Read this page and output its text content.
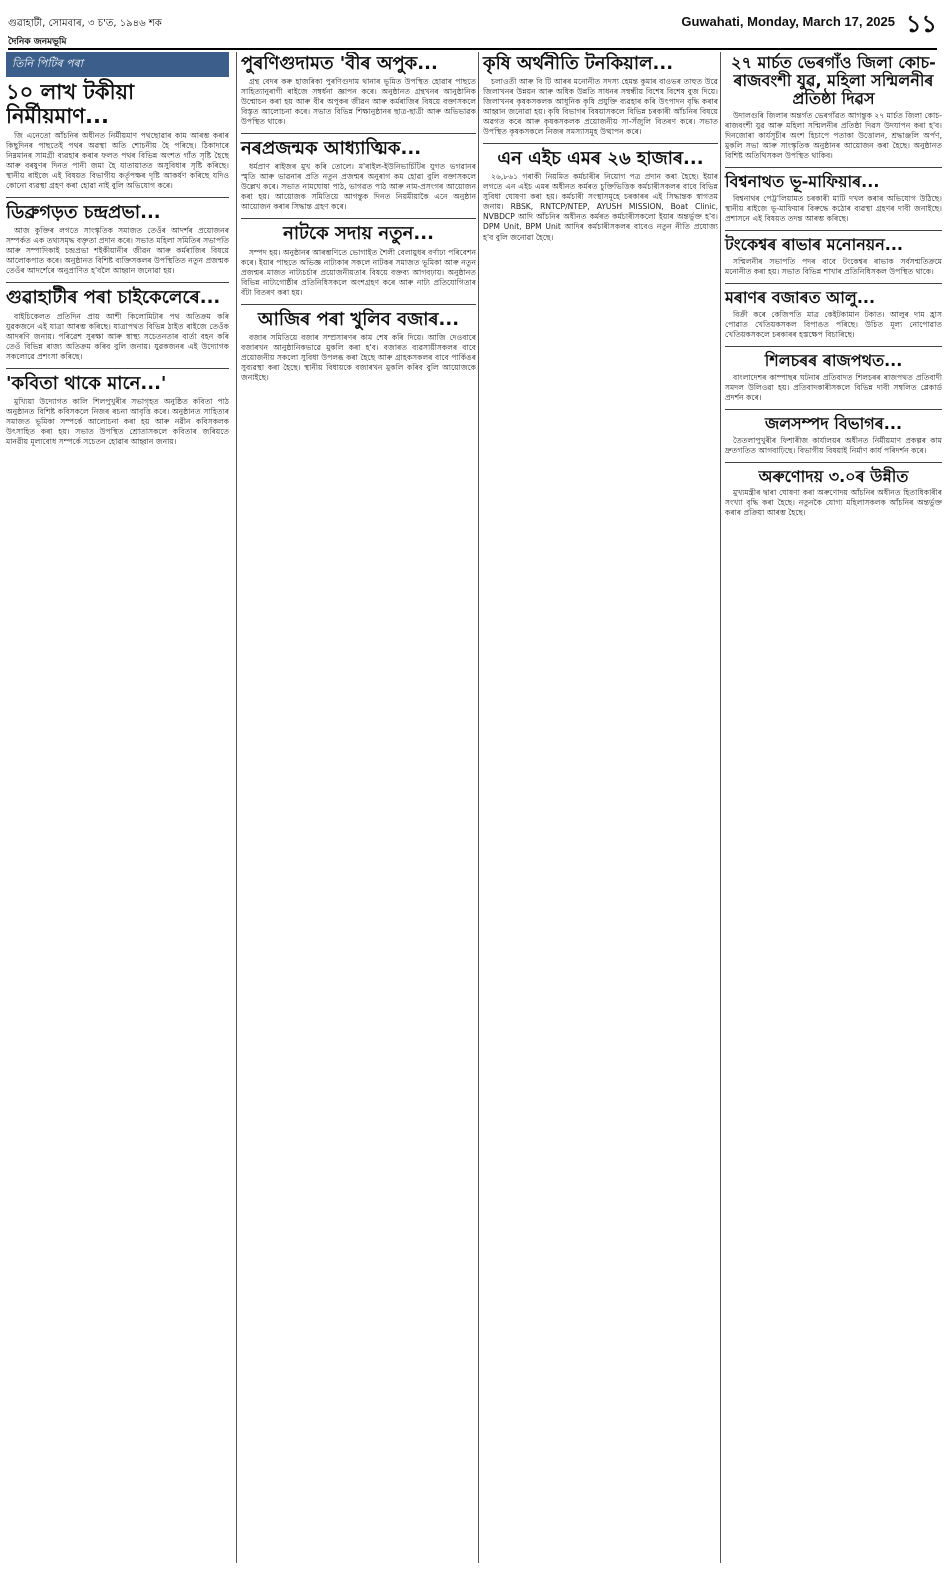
গুৱাহাটী, সোমবাৰ, ৩ চ'ত, ১৯৪৬ শক
দৈনিক জনমভূমি
Guwahati, Monday, March 17, 2025 ১১
তিনি পিটিৰ পৰা
১০ লাখ টকীয়া নিৰ্মীয়মাণ...

জি এনেতো আঁচনিৰ অধীনত নিৰ্মীয়মাণ পথছোৱাৰ কাম আৰম্ভ কৰাৰ কিছুদিনৰ পাছতেই পথৰ অৱস্থা অতি শোচনীয় হৈ পৰিছে। ঠিকাদাৰে নিম্নমানৰ সামগ্ৰী ব্যৱহাৰ কৰাৰ ফলত পথৰ বিভিন্ন অংশত গাঁত সৃষ্টি হৈছে আৰু বৰষুণৰ দিনত পানী জমা হৈ যাতায়াতত অসুবিধাৰ সৃষ্টি কৰিছে। স্থানীয় ৰাইজে এই বিষয়ত বিভাগীয় কৰ্তৃপক্ষৰ দৃষ্টি আকৰ্ষণ কৰিছে যদিও কোনো ব্যৱস্থা গ্ৰহণ কৰা হোৱা নাই বুলি অভিযোগ কৰে।

ডিব্ৰুগড়ত চন্দ্ৰপ্ৰভা...

আজ কুক্তিৰ লগতে সাংস্কৃতিক সমাজত তেওঁৰ আদৰ্শৰ প্ৰয়োজনৰ সম্পৰ্কত এক তথ্যসমৃদ্ধ বক্তৃতা প্ৰদান কৰে। সভাত মহিলা সমিতিৰ সভাপতি আৰু সম্পাদিকাই চন্দ্ৰপ্ৰভা শইকীয়ানীৰ জীৱন আৰু কৰ্মৰাজিৰ বিষয়ে আলোকপাত কৰে। অনুষ্ঠানত বিশিষ্ট ব্যক্তিসকলৰ উপস্থিতিত নতুন প্ৰজন্মক তেওঁৰ আদৰ্শেৰে অনুপ্ৰাণিত হ'বলৈ আহ্বান জনোৱা হয়।

গুৱাহাটীৰ পৰা চাইকেলেৰে...

বাইচিকেলত প্ৰতিদিন প্ৰায় আশী কিলোমিটাৰ পথ অতিক্ৰম কৰি যুৱকজনে এই যাত্ৰা আৰম্ভ কৰিছে। যাত্ৰাপথত বিভিন্ন ঠাইত ৰাইজে তেওঁক আদৰণি জনায়। পৰিৱেশ সুৰক্ষা আৰু স্বাস্থ্য সচেতনতাৰ বাৰ্তা বহন কৰি তেওঁ বিভিন্ন ৰাজ্য অতিক্ৰম কৰিব বুলি জনায়। যুৱকজনৰ এই উদ্যোগক সকলোৱে প্ৰশংসা কৰিছে।

'কবিতা থাকে মানে...'

মুখ্যিয়া উদ্যোগত কালি শিলপুখুৰীৰ সভাগৃহত অনুষ্ঠিত কবিতা পাঠ অনুষ্ঠানত বিশিষ্ট কবিসকলে নিজৰ ৰচনা আবৃত্তি কৰে। অনুষ্ঠানত সাহিত্যৰ সমাজত ভূমিকা সম্পৰ্কে আলোচনা কৰা হয় আৰু নৱীন কবিসকলক উৎসাহিত কৰা হয়। সভাত উপস্থিত শ্ৰোতাসকলে কবিতাৰ জৰিয়তে মানৱীয় মূল্যবোধ সম্পৰ্কে সচেতন হোৱাৰ আহ্বান জনায়।

পুৰণিগুদামত 'বীৰ অপুক...

গ্ৰন্থ বেদৰ কৰু হাজৰিকা পুৰণিগুদাম থানাৰ ভূমিত উপস্থিত হোৱাৰ পাছতে সাহিত্যানুৰাগী ৰাইজে সম্বৰ্ধনা জ্ঞাপন কৰে। অনুষ্ঠানত গ্ৰন্থখনৰ আনুষ্ঠানিক উন্মোচন কৰা হয় আৰু বীৰ অপুকৰ জীৱন আৰু কৰ্মৰাজিৰ বিষয়ে বক্তাসকলে বিস্তৃত আলোচনা কৰে। সভাত বিভিন্ন শিক্ষানুষ্ঠানৰ ছাত্ৰ-ছাত্ৰী আৰু অভিভাৱক উপস্থিত থাকে।

নৰপ্ৰজন্মক আধ্যাত্মিক...

ধৰ্মপ্ৰাণ ৰাইজৰ মুখ কৰি তোলে। ম'ৰাইল-ইউনিভাৰ্চিটিৰ যুগত ভগৱানৰ স্মৃতি আৰু ভাৱনাৰ প্ৰতি নতুন প্ৰজন্মৰ অনুৰাগ কম হোৱা বুলি বক্তাসকলে উল্লেখ কৰে। সভাত নামঘোষা পাঠ, ভাগৱত পাঠ আৰু নাম-প্ৰসংগৰ আয়োজন কৰা হয়। আয়োজক সমিতিয়ে আগন্তুক দিনত নিয়মীয়াকৈ এনে অনুষ্ঠান আয়োজন কৰাৰ সিদ্ধান্ত গ্ৰহণ কৰে।

নাটকে সদায় নতুন...

সম্পদ হয়। অনুষ্ঠানৰ আৰম্ভণিতে ভোগাইত শৈলী বেলায়ুধৰ বৰ্ণাঢ্য পৰিবেশন কৰে। ইয়াৰ পাছতে অভিজ্ঞ নাট্যকাৰ সকলে নাটকৰ সমাজত ভূমিকা আৰু নতুন প্ৰজন্মৰ মাজত নাট্যচৰ্চাৰ প্ৰয়োজনীয়তাৰ বিষয়ে বক্তব্য আগবঢ়ায়। অনুষ্ঠানত বিভিন্ন নাট্যগোষ্ঠীৰ প্ৰতিনিধিসকলে অংশগ্ৰহণ কৰে আৰু নাট্য প্ৰতিযোগিতাৰ বঁটা বিতৰণ কৰা হয়।

আজিৰ পৰা খুলিব বজাৰ...

বজাৰ সমিতিয়ে বজাৰ সম্প্ৰসাৰণৰ কাম শেষ কৰি দিয়ে। আজি দেওবাৰে বজাৰখন আনুষ্ঠানিকভাৱে মুকলি কৰা হ'ব। বজাৰত ব্যৱসায়ীসকলৰ বাবে প্ৰয়োজনীয় সকলো সুবিধা উপলব্ধ কৰা হৈছে আৰু গ্ৰাহকসকলৰ বাবে পাৰ্কিঙৰ সুব্যৱস্থা কৰা হৈছে। স্থানীয় বিধায়কে বজাৰখন মুকলি কৰিব বুলি আয়োজকে জনাইছে।

কৃষি অৰ্থনীতি টনকিয়াল...

চলাওতী আৰু বি টি আৰৰ মনোনীত সদস্য হেমন্ত কুমাৰ বাওভৰ তাহুত উৱে জিলাখনৰ উন্নয়ন আৰু অধিক উন্নতি সাধনৰ সম্বন্ধীয় বিশেষ বিশেষ বুজ দিয়ে। জিলাখনৰ কৃষকসকলক আধুনিক কৃষি প্ৰযুক্তি ব্যৱহাৰ কৰি উৎপাদন বৃদ্ধি কৰাৰ আহ্বান জনোৱা হয়। কৃষি বিভাগৰ বিষয়াসকলে বিভিন্ন চৰকাৰী আঁচনিৰ বিষয়ে অৱগত কৰে আৰু কৃষকসকলক প্ৰয়োজনীয় সা-সঁজুলি বিতৰণ কৰে। সভাত উপস্থিত কৃষকসকলে নিজৰ সমস্যাসমূহ উত্থাপন কৰে।

এন এইচ এমৰ ২৬ হাজাৰ...

২৬,৮৬১ গৰাকী নিয়মিত কৰ্মচাৰীৰ নিয়োগ পত্ৰ প্ৰদান কৰা হৈছে। ইয়াৰ লগতে এন এইচ এমৰ অধীনত কৰ্মৰত চুক্তিভিত্তিক কৰ্মচাৰীসকলৰ বাবে বিভিন্ন সুবিধা ঘোষণা কৰা হয়। কৰ্মচাৰী সংস্থাসমূহে চৰকাৰৰ এই সিদ্ধান্তক স্বাগতম জনায়। RBSK, RNTCP/NTEP, AYUSH MISSION, Boat Clinic, NVBDCP আদি আঁচনিৰ অধীনত কৰ্মৰত কৰ্মচাৰীসকলো ইয়াৰ অন্তৰ্ভুক্ত হ'ব। DPM Unit, BPM Unit আদিৰ কৰ্মচাৰীসকলৰ বাবেও নতুন নীতি প্ৰযোজ্য হ'ব বুলি জনোৱা হৈছে।

২৭ মাৰ্চত ভেৰগাঁও জিলা কোচ-ৰাজবংশী যুৱ, মহিলা সন্মিলনীৰ প্ৰতিষ্ঠা দিৱস

উদালগুৰি জিলাৰ অন্তৰ্গত ভেৰগাঁৱত আগন্তুক ২৭ মাৰ্চত জিলা কোচ-ৰাজবংশী যুৱ আৰু মহিলা সন্মিলনীৰ প্ৰতিষ্ঠা দিৱস উদযাপন কৰা হ'ব। দিনজোৰা কাৰ্যসূচীৰ অংশ হিচাপে পতাকা উত্তোলন, শ্ৰদ্ধাঞ্জলি অৰ্পণ, মুকলি সভা আৰু সাংস্কৃতিক অনুষ্ঠানৰ আয়োজন কৰা হৈছে। অনুষ্ঠানত বিশিষ্ট অতিথিসকল উপস্থিত থাকিব।

বিশ্বনাথত ভূ-মাফিয়াৰ...

বিশ্বনাথৰ পেট্ৰ'লিয়ামত চৰকাৰী মাটি দখল কৰাৰ অভিযোগ উঠিছে। স্থানীয় ৰাইজে ভূ-মাফিয়াৰ বিৰুদ্ধে কঠোৰ ব্যৱস্থা গ্ৰহণৰ দাবী জনাইছে। প্ৰশাসনে এই বিষয়ত তদন্ত আৰম্ভ কৰিছে।

টংকেশ্বৰ ৰাভাৰ মনোনয়ন...

সন্মিলনীৰ সভাপতি পদৰ বাবে টংকেশ্বৰ ৰাভাক সৰ্বসন্মতিক্ৰমে মনোনীত কৰা হয়। সভাত বিভিন্ন শাখাৰ প্ৰতিনিধিসকল উপস্থিত থাকে।

মৰাণৰ বজাৰত আলু...

বিক্ৰী কৰে কেজিপতি মাত্ৰ কেইটকামান টকাত। আলুৰ দাম হ্ৰাস পোৱাত খেতিয়কসকল বিপাঙত পৰিছে। উচিত মূল্য নোপোৱাত খেতিয়কসকলে চৰকাৰৰ হস্তক্ষেপ বিচাৰিছে।

শিলচৰৰ ৰাজপথত...

বাংলাদেশৰ কাম্পাছৰ ঘটনাৰ প্ৰতিবাদত শিলচৰৰ ৰাজপথত প্ৰতিবাদী সমদল উলিওৱা হয়। প্ৰতিবাদকাৰীসকলে বিভিন্ন দাবী সম্বলিত প্লেকাৰ্ড প্ৰদৰ্শন কৰে।

জলসম্পদ বিভাগৰ...

তৈতলাপুখুৰীৰ ফিশাৰীজ কাৰ্যালয়ৰ অধীনত নিৰ্মীয়মাণ প্ৰকল্পৰ কাম দ্ৰুতগতিত আগবাঢ়িছে। বিভাগীয় বিষয়াই নিৰ্মাণ কাৰ্য পৰিদৰ্শন কৰে।

অৰুণোদয় ৩.০ৰ উন্নীত

মুখ্যমন্ত্ৰীৰ দ্বাৰা ঘোষণা কৰা অৰুণোদয় আঁচনিৰ অধীনত হিতাধিকাৰীৰ সংখ্যা বৃদ্ধি কৰা হৈছে। নতুনকৈ যোগ্য মহিলাসকলক আঁচনিৰ অন্তৰ্ভুক্ত কৰাৰ প্ৰক্ৰিয়া আৰম্ভ হৈছে।
